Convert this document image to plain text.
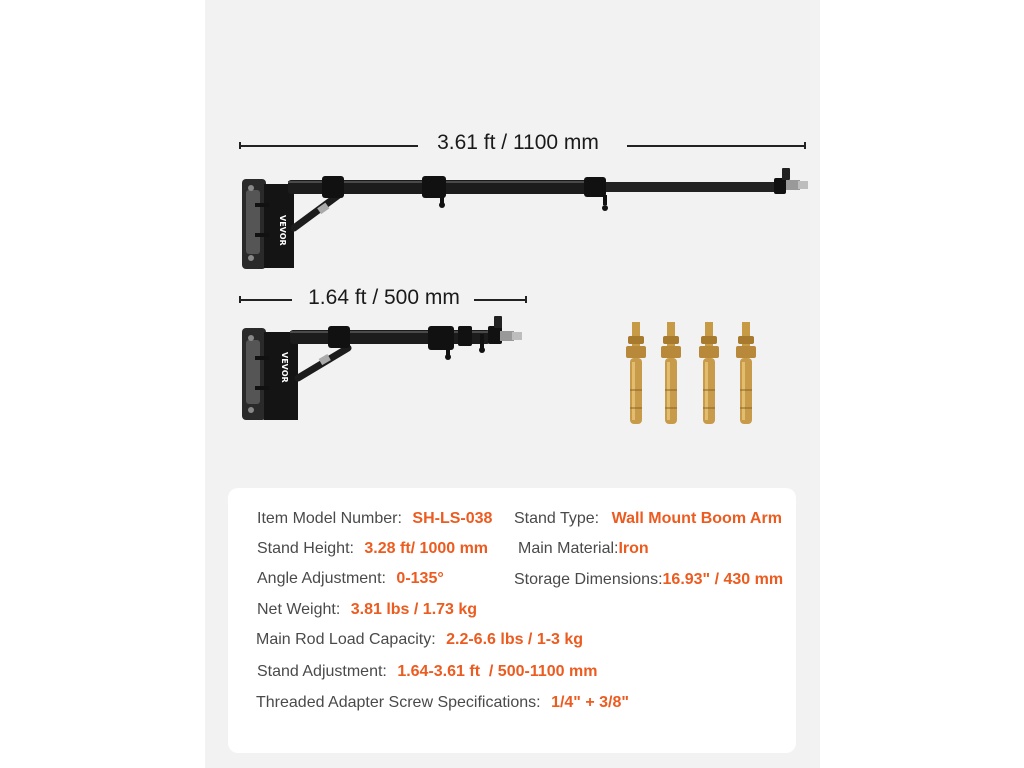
3.61 ft / 1100 mm
VEVOR
1.64 ft / 500 mm
VEVOR
Item Model Number: SH-LS-038 Stand Type: Wall Mount Boom Arm
Stand Height: 3.28 ft/ 1000 mm Main Material:Iron
Angle Adjustment: 0-135°	Storage Dimensions:16.93" / 430 mm
Net Weight: 3.81 lbs / 1.73 kg
Main Rod Load Capacity: 2.2-6.6 lbs / 1-3 kg
Stand Adjustment: 1.64-3.61 ft  / 500-1100 mm
Threaded Adapter Screw Specifications: 1/4" + 3/8"
